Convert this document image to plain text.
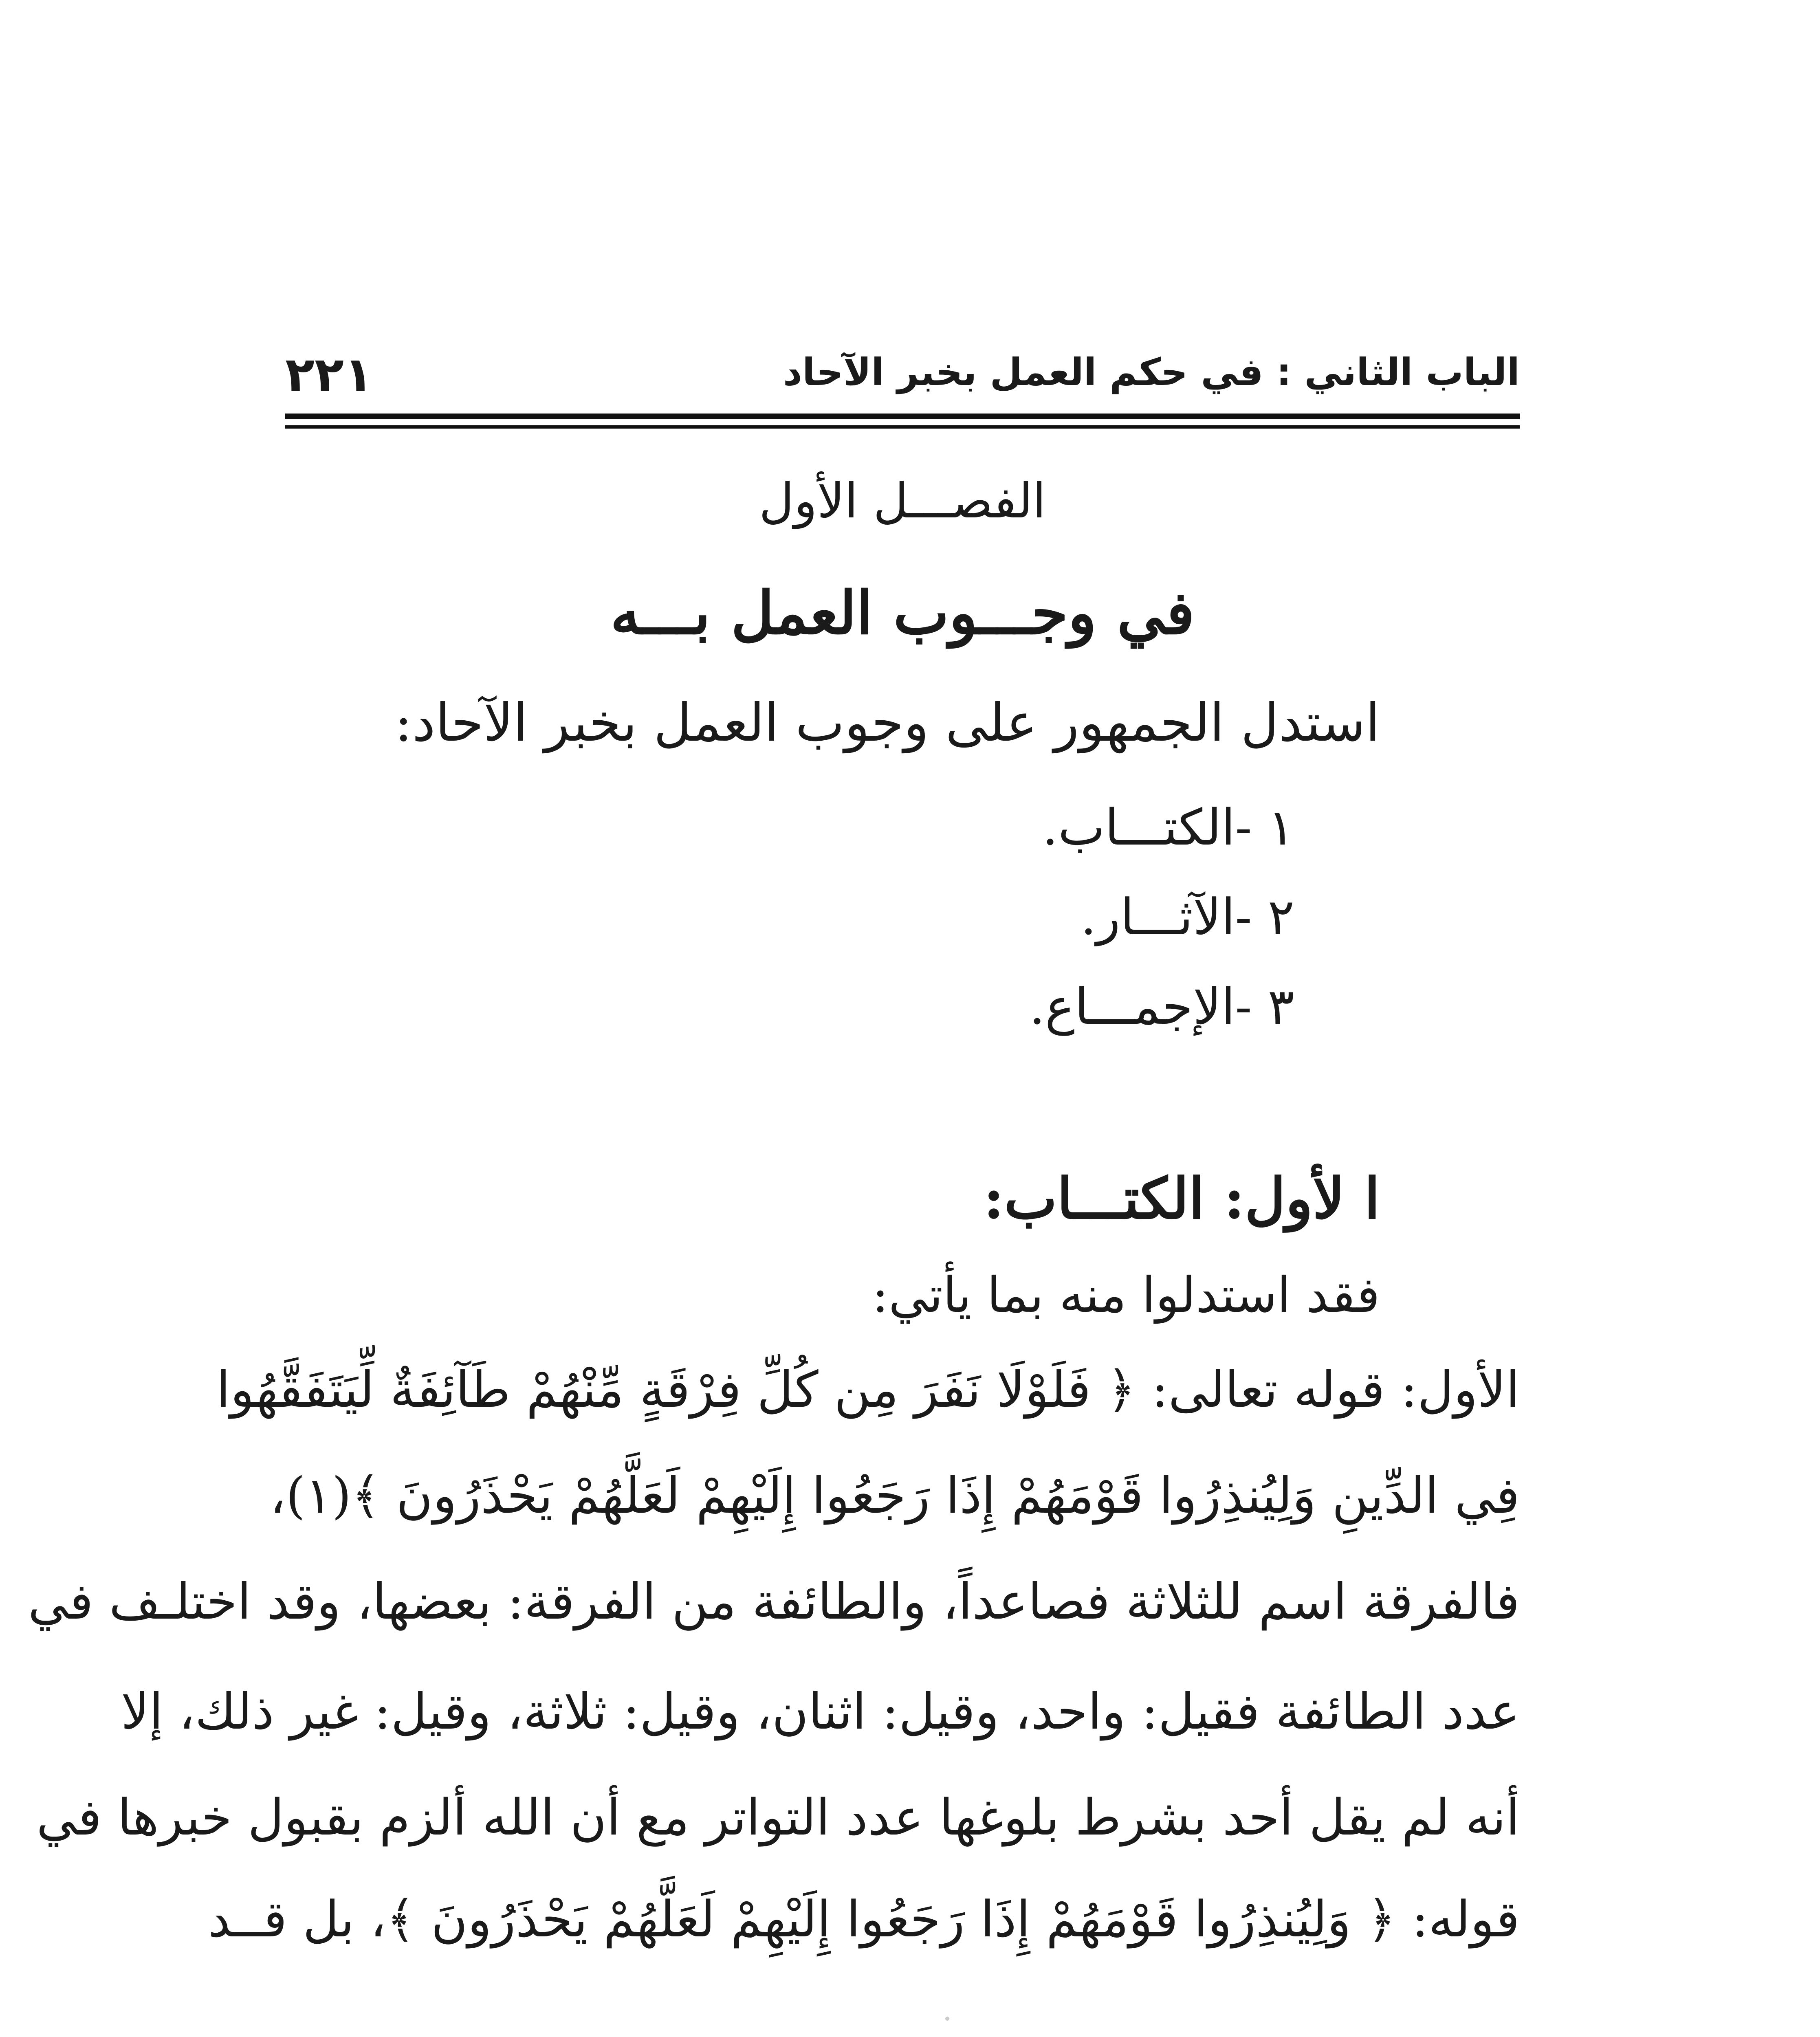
الباب الثاني : في حكم العمل بخبر الآحاد
٢٢١
الفصـــل الأول
في وجـــوب العمل بـــه
استدل الجمهور على وجوب العمل بخبر الآحاد:
١ -الكتـــاب.
٢ -الآثـــار.
٣ -الإجمـــاع.
ا لأول: الكتـــاب:
فقد استدلوا منه بما يأتي:
الأول: قوله تعالى: ﴿ فَلَوْلَا نَفَرَ مِن كُلِّ فِرْقَةٍ مِّنْهُمْ طَآئِفَةٌ لِّيَتَفَقَّهُوا
فِي الدِّينِ وَلِيُنذِرُوا قَوْمَهُمْ إِذَا رَجَعُوا إِلَيْهِمْ لَعَلَّهُمْ يَحْذَرُونَ ﴾(١)،
فالفرقة اسم للثلاثة فصاعداً، والطائفة من الفرقة: بعضها، وقد اختلـف في
عدد الطائفة فقيل: واحد، وقيل: اثنان، وقيل: ثلاثة، وقيل: غير ذلك، إلا
أنه لم يقل أحد بشرط بلوغها عدد التواتر مع أن الله ألزم بقبول خبرها في
قوله: ﴿ وَلِيُنذِرُوا قَوْمَهُمْ إِذَا رَجَعُوا إِلَيْهِمْ لَعَلَّهُمْ يَحْذَرُونَ ﴾، بل قــد
